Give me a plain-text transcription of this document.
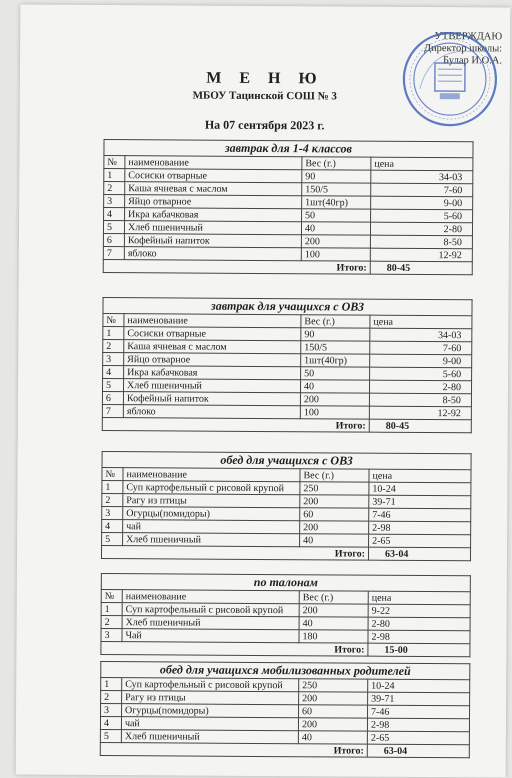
УТВЕРЖДАЮ
Директор школы:
Булар И.О.А.
М Е Н Ю
МБОУ Тацинской СОШ № 3
На 07 сентября 2023 г.
завтрак для 1-4 классов
№	наименование	Вес (г.)	цена
1	Сосиски отварные	90	34-03
2	Каша ячневая с маслом	150/5	7-60
3	Яйцо отварное	1шт(40гр)	9-00
4	Икра кабачковая	50	5-60
5	Хлеб пшеничный	40	2-80
6	Кофейный напиток	200	8-50
7	яблоко	100	12-92
Итого:			80-45
завтрак для учащихся с ОВЗ
№	наименование	Вес (г.)	цена
1	Сосиски отварные	90	34-03
2	Каша ячневая с маслом	150/5	7-60
3	Яйцо отварное	1шт(40гр)	9-00
4	Икра кабачковая	50	5-60
5	Хлеб пшеничный	40	2-80
6	Кофейный напиток	200	8-50
7	яблоко	100	12-92
Итого:			80-45
обед для учащихся с ОВЗ
№	наименование	Вес (г.)	цена
1	Суп картофельный с рисовой крупой	250	10-24
2	Рагу из птицы	200	39-71
3	Огурцы(помидоры)	60	7-46
4	чай	200	2-98
5	Хлеб пшеничный	40	2-65
Итого:			63-04
по талонам
№	наименование	Вес (г.)	цена
1	Суп картофельный с рисовой крупой	200	9-22
2	Хлеб пшеничный	40	2-80
3	Чай	180	2-98
Итого:			15-00
обед для учащихся мобилизованных родителей
1	Суп картофельный с рисовой крупой	250	10-24
2	Рагу из птицы	200	39-71
3	Огурцы(помидоры)	60	7-46
4	чай	200	2-98
5	Хлеб пшеничный	40	2-65
Итого:			63-04
